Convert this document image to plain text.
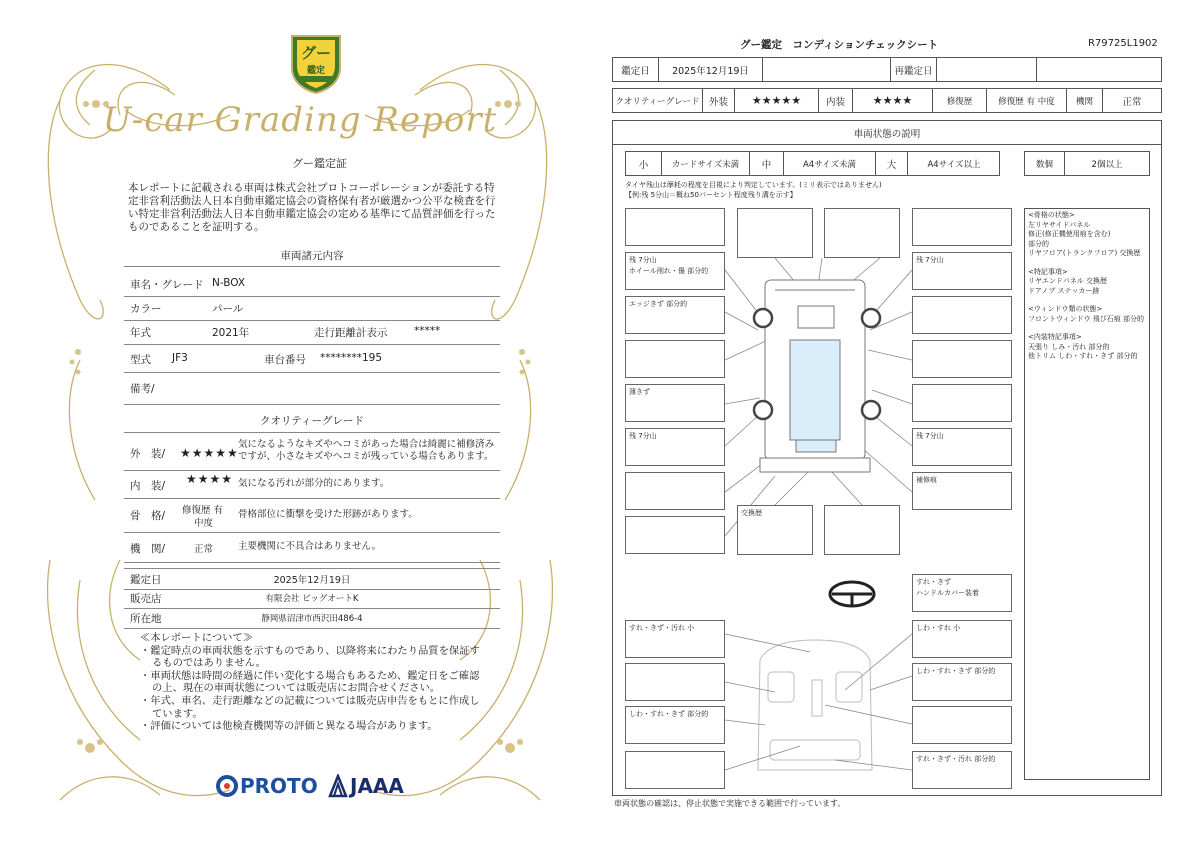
グー
鑑定
U-car Grading Report
グー鑑定証
本レポートに記載される車両は株式会社プロトコーポレーションが委託する特定非営利活動法人日本自動車鑑定協会の資格保有者が厳選かつ公平な検査を行い特定非営利活動法人日本自動車鑑定協会の定める基準にて品質評価を行ったものであることを証明する。
車両諸元内容
車名・グレード N-BOX
カラー	パール
年式	2021年	走行距離計表示	*****
型式 JF3	車台番号 ********195
備考/
クオリティーグレード
外　装/ ★★★★★
気になるようなキズやヘコミがあった場合は綺麗に補修済みですが、小さなキズやヘコミが残っている場合もあります。
内　装/ ★★★★ 気になる汚れが部分的にあります。
骨　格/ 修復歴 有
中度
骨格部位に衝撃を受けた形跡があります。
機　関/	正常	主要機関に不具合はありません。
鑑定日	2025年12月19日
販売店	有限会社 ビッグオートK
所在地	静岡県沼津市西沢田486-4
≪本レポートについて≫
・鑑定時点の車両状態を示すものであり、以降将来にわたり品質を保証するものではありません。
・車両状態は時間の経過に伴い変化する場合もあるため、鑑定日をご確認の上、現在の車両状態については販売店にお問合せください。
・年式、車名、走行距離などの記載については販売店申告をもとに作成しています。
・評価については他検査機関等の評価と異なる場合があります。
PROTO JAAA
グー鑑定　コンディションチェックシート	R79725L1902
鑑定日	2025年12月19日	再鑑定日
クオリティーグレード 外装	★★★★★	内装	★★★★	修復歴	修復歴 有 中度	機関	正常
車両状態の説明
小	カードサイズ未満	中	A4サイズ未満	大	A4サイズ以上	数個	2個以上
タイヤ残山は摩耗の程度を目視により判定しています。(ミリ表示ではありません)
【例:残 5分山＝概ね50パーセント程度残り溝を示す】
<骨格の状態>
左リヤサイドパネル
修正(修正機使用痕を含む)
部分的
リヤフロア(トランクフロア) 交換歴
<特記事項>
リヤエンドパネル 交換歴
ドアノブ ステッカー跡
<ウィンドウ類の状態>
フロントウィンドウ 飛び石痕 部分的
<内装特記事項>
天張り しみ・汚れ 部分的
他トリム しわ・すれ・きず 部分的
残 7分山
ホイール削れ・傷 部分的
エッジきず 部分的
薄きず
残 7分山
交換歴
残 7分山
残 7分山
補修痕
すれ・きず
ハンドルカバー装着
すれ・きず・汚れ 小	しわ・すれ 小
しわ・すれ・きず 部分的
しわ・すれ・きず 部分的
すれ・きず・汚れ 部分的
車両状態の確認は、停止状態で実施できる範囲で行っています。
